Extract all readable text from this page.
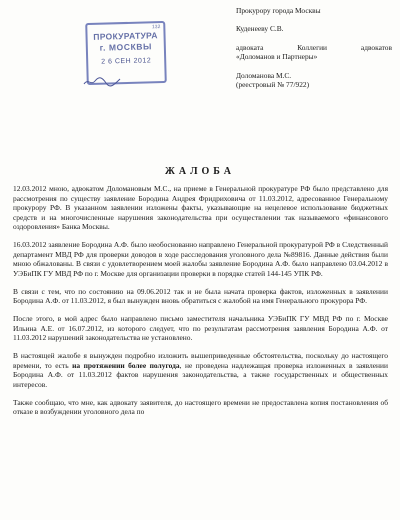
Прокурору города Москвы
Куденееву С.В.
адвоката	Коллегии	адвокатов
«Доломанов и Партнеры»
Доломанова М.С.
(реестровый № 77/922)
132
ПРОКУРАТУРА
г. МОСКВЫ
2 6 СЕН 2012
ЖАЛОБА

12.03.2012 мною, адвокатом Доломановым М.С., на приеме в Генеральной прокуратуре РФ было представлено для рассмотрения по существу заявление Бородина Андрея Фридриховича от 11.03.2012, адресованное Генеральному прокурору РФ. В указанном заявлении изложены факты, указывающие на нецелевое использование бюджетных средств и на многочисленные нарушения законодательства при осуществлении так называемого «финансового оздоровления» Банка Москвы.

16.03.2012 заявление Бородина А.Ф. было необоснованно направлено Генеральной прокуратурой РФ в Следственный департамент МВД РФ для проверки доводов в ходе расследования уголовного дела №89816. Данные действия были мною обжалованы. В связи с удовлетворением моей жалобы заявление Бородина А.Ф. было направлено 03.04.2012 в УЭБиПК ГУ МВД РФ по г. Москве для организации проверки в порядке статей 144-145 УПК РФ.

В связи с тем, что по состоянию на 09.06.2012 так и не была начата проверка фактов, изложенных в заявлении Бородина А.Ф. от 11.03.2012, я был вынужден вновь обратиться с жалобой на имя Генерального прокурора РФ.

После этого, в мой адрес было направлено письмо заместителя начальника УЭБиПК ГУ МВД РФ по г. Москве Ильина А.Е. от 16.07.2012, из которого следует, что по результатам рассмотрения заявления Бородина А.Ф. от 11.03.2012 нарушений законодательства не установлено.

В настоящей жалобе я вынужден подробно изложить вышеприведенные обстоятельства, поскольку до настоящего времени, то есть на протяжении более полугода, не проведена надлежащая проверка изложенных в заявлении Бородина А.Ф. от 11.03.2012 фактов нарушения законодательства, а также государственных и общественных интересов.

Также сообщаю, что мне, как адвокату заявителя, до настоящего времени не предоставлена копия постановления об отказе в возбуждении уголовного дела по
